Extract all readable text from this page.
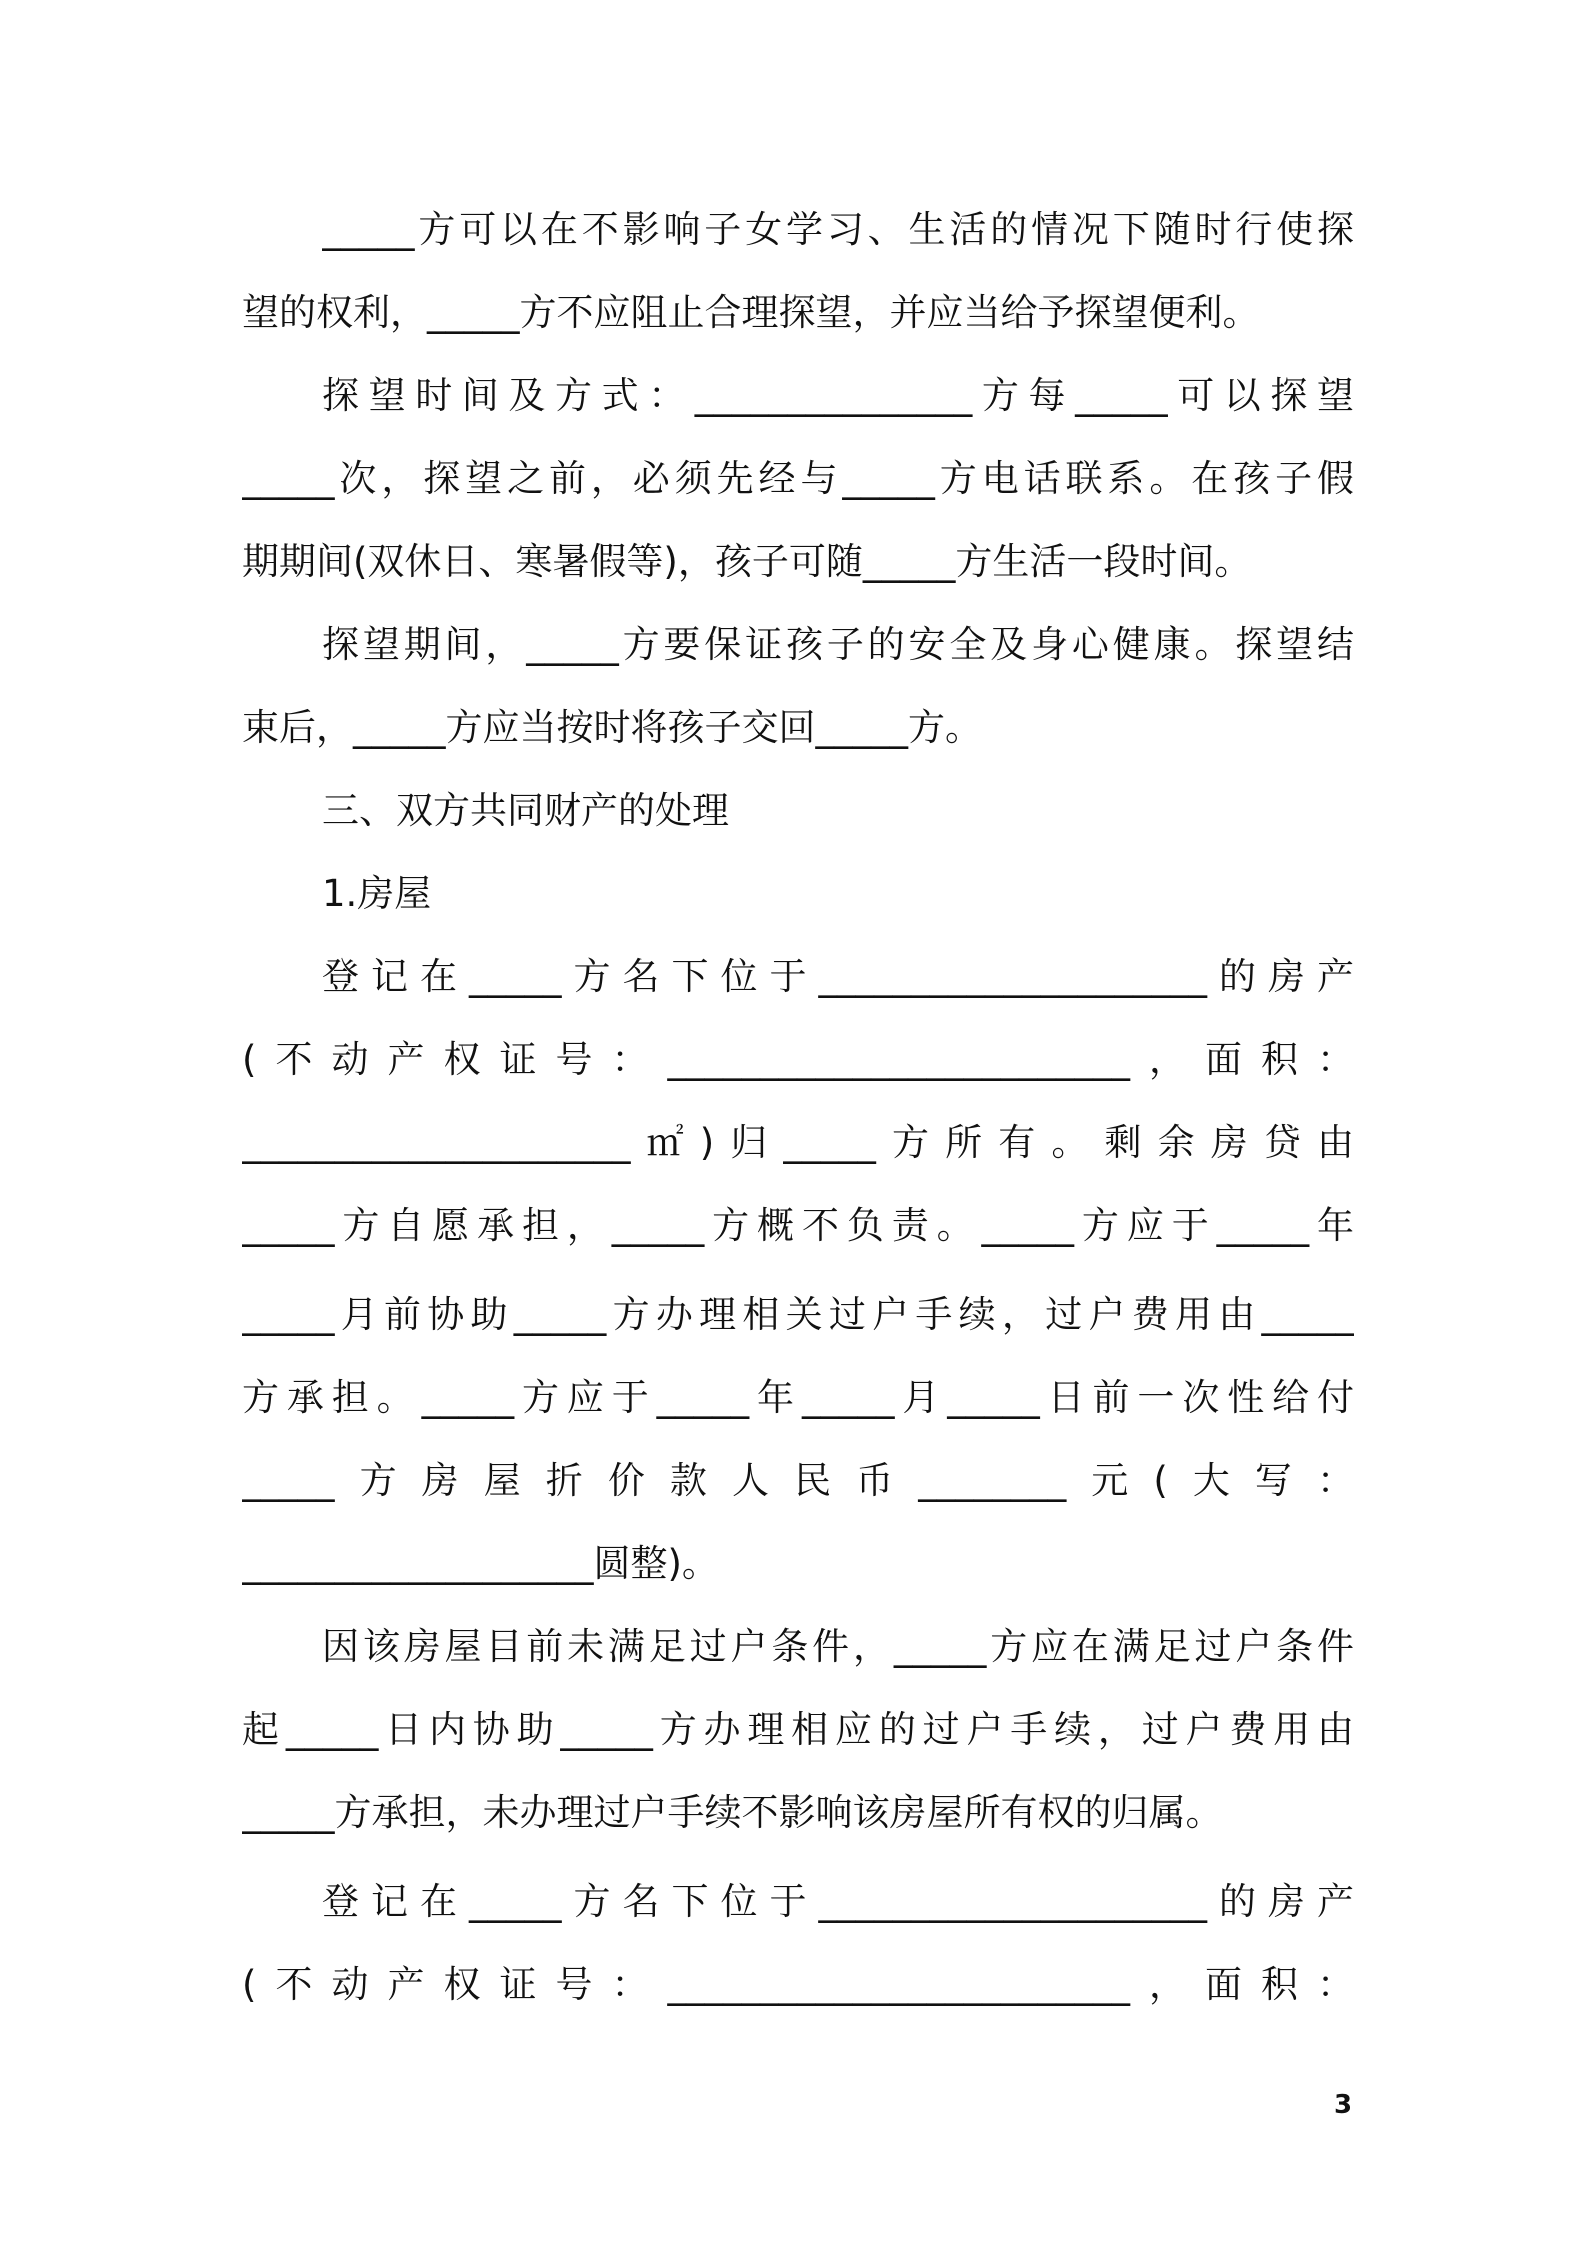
_____方可以在不影响子女学习、生活的情况下随时行使探
望的权利，_____方不应阻止合理探望，并应当给予探望便利。
探望时间及方式：_______________方每_____可以探望
_____次，探望之前，必须先经与_____方电话联系。在孩子假
期期间(双休日、寒暑假等)，孩子可随_____方生活一段时间。
探望期间，_____方要保证孩子的安全及身心健康。探望结
束后，_____方应当按时将孩子交回_____方。
三、双方共同财产的处理
1.房屋
登记在_____方名下位于_____________________的房产
(不动产权证号：_________________________，面积：
_____________________㎡)归_____方所有。剩余房贷由
_____方自愿承担，_____方概不负责。_____方应于_____年
_____月前协助_____方办理相关过户手续，过户费用由_____
方承担。_____方应于_____年_____月_____日前一次性给付
_____方房屋折价款人民币________元(大写：
___________________圆整)。
因该房屋目前未满足过户条件，_____方应在满足过户条件
起_____日内协助_____方办理相应的过户手续，过户费用由
_____方承担，未办理过户手续不影响该房屋所有权的归属。
登记在_____方名下位于_____________________的房产
(不动产权证号：_________________________，面积：
3
